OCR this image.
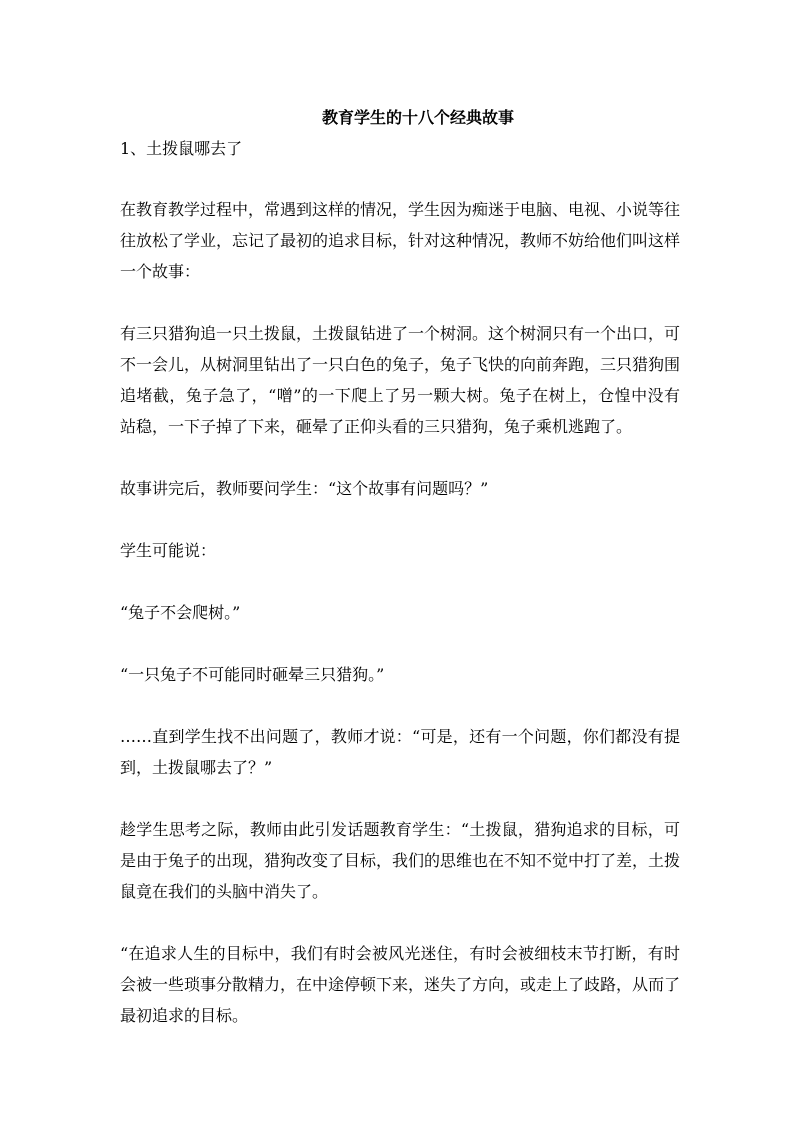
教育学生的十八个经典故事

1、土拨鼠哪去了

在教育教学过程中，常遇到这样的情况，学生因为痴迷于电脑、电视、小说等往往放松了学业，忘记了最初的追求目标，针对这种情况，教师不妨给他们叫这样一个故事：

有三只猎狗追一只土拨鼠，土拨鼠钻进了一个树洞。这个树洞只有一个出口，可不一会儿，从树洞里钻出了一只白色的兔子，兔子飞快的向前奔跑，三只猎狗围追堵截，兔子急了，“噌”的一下爬上了另一颗大树。兔子在树上，仓惶中没有站稳，一下子掉了下来，砸晕了正仰头看的三只猎狗，兔子乘机逃跑了。

故事讲完后，教师要问学生：“这个故事有问题吗？”

学生可能说：

“兔子不会爬树。”

“一只兔子不可能同时砸晕三只猎狗。”

……直到学生找不出问题了，教师才说：“可是，还有一个问题，你们都没有提到，土拨鼠哪去了？”

趁学生思考之际，教师由此引发话题教育学生：“土拨鼠，猎狗追求的目标，可是由于兔子的出现，猎狗改变了目标，我们的思维也在不知不觉中打了差，土拨鼠竟在我们的头脑中消失了。

“在追求人生的目标中，我们有时会被风光迷住，有时会被细枝末节打断，有时会被一些琐事分散精力，在中途停顿下来，迷失了方向，或走上了歧路，从而了最初追求的目标。
